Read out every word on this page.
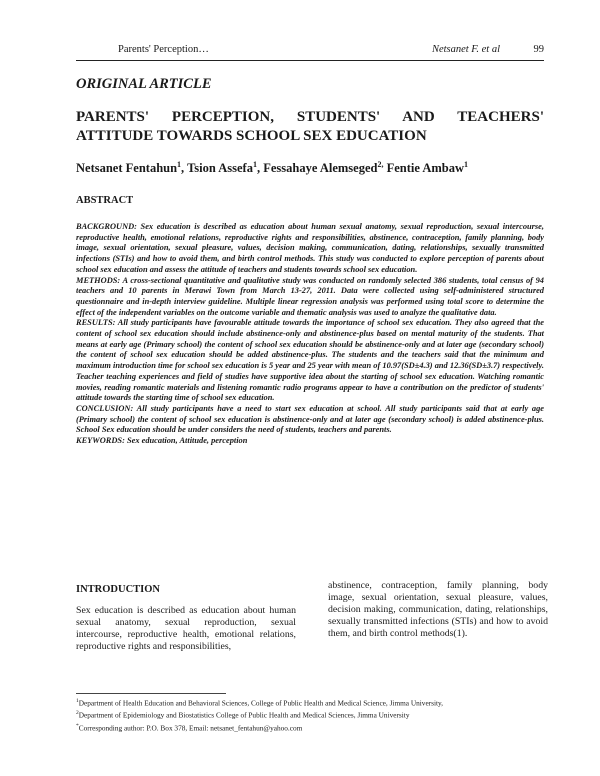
Parents' Perception…	Netsanet F. et al	99
ORIGINAL ARTICLE
PARENTS' PERCEPTION, STUDENTS' AND TEACHERS' ATTITUDE TOWARDS SCHOOL SEX EDUCATION
Netsanet Fentahun$^1$, Tsion Assefa$^1$, Fessahaye Alemseged$^{2,}$ Fentie Ambaw$^1$
ABSTRACT

BACKGROUND: Sex education is described as education about human sexual anatomy, sexual reproduction, sexual intercourse, reproductive health, emotional relations, reproductive rights and responsibilities, abstinence, contraception, family planning, body image, sexual orientation, sexual pleasure, values, decision making, communication, dating, relationships, sexually transmitted infections (STIs) and how to avoid them, and birth control methods. This study was conducted to explore perception of parents about school sex education and assess the attitude of teachers and students towards school sex education.

METHODS: A cross-sectional quantitative and qualitative study was conducted on randomly selected 386 students, total census of 94 teachers and 10 parents in Merawi Town from March 13-27, 2011. Data were collected using self-administered structured questionnaire and in-depth interview guideline. Multiple linear regression analysis was performed using total score to determine the effect of the independent variables on the outcome variable and thematic analysis was used to analyze the qualitative data.

RESULTS: All study participants have favourable attitude towards the importance of school sex education. They also agreed that the content of school sex education should include abstinence-only and abstinence-plus based on mental maturity of the students. That means at early age (Primary school) the content of school sex education should be abstinence-only and at later age (secondary school) the content of school sex education should be added abstinence-plus. The students and the teachers said that the minimum and maximum introduction time for school sex education is 5 year and 25 year with mean of 10.97(SD±4.3) and 12.36(SD±3.7) respectively. Teacher teaching experiences and field of studies have supportive idea about the starting of school sex education. Watching romantic movies, reading romantic materials and listening romantic radio programs appear to have a contribution on the predictor of students' attitude towards the starting time of school sex education.

CONCLUSION: All study participants have a need to start sex education at school. All study participants said that at early age (Primary school) the content of school sex education is abstinence-only and at later age (secondary school) is added abstinence-plus. School Sex education should be under considers the need of students, teachers and parents.

KEYWORDS: Sex education, Attitude, perception

INTRODUCTION

Sex education is described as education about human sexual anatomy, sexual reproduction, sexual intercourse, reproductive health, emotional relations, reproductive rights and responsibilities,

abstinence, contraception, family planning, body image, sexual orientation, sexual pleasure, values, decision making, communication, dating, relationships, sexually transmitted infections (STIs) and how to avoid them, and birth control methods(1).

$^1$Department of Health Education and Behavioral Sciences, College of Public Health and Medical Science, Jimma University,
$^2$Department of Epidemiology and Biostatistics College of Public Health and Medical Sciences, Jimma University
*Corresponding author: P.O. Box 378, Email: netsanet_fentahun@yahoo.com
